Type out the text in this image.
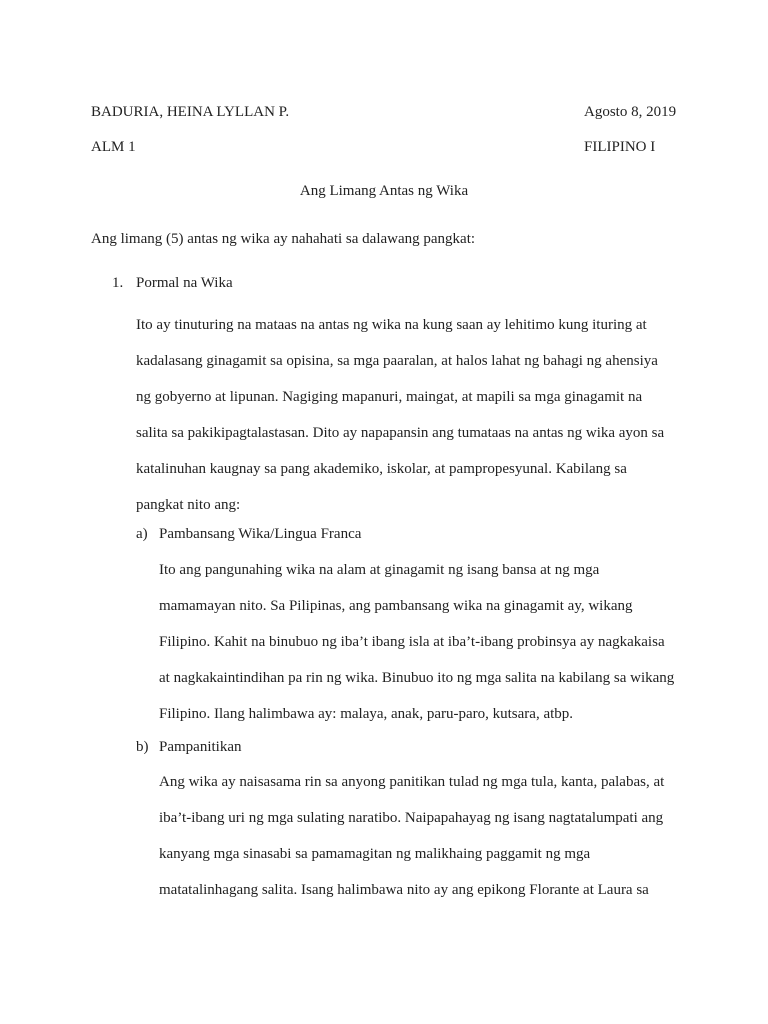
BADURIA, HEINA LYLLAN P.
ALM 1
Agosto 8, 2019
FILIPINO I
Ang Limang Antas ng Wika
Ang limang (5) antas ng wika ay nahahati sa dalawang pangkat:
1. Pormal na Wika
Ito ay tinuturing na mataas na antas ng wika na kung saan ay lehitimo kung ituring at
kadalasang ginagamit sa opisina, sa mga paaralan, at halos lahat ng bahagi ng ahensiya
ng gobyerno at lipunan. Nagiging mapanuri, maingat, at mapili sa mga ginagamit na
salita sa pakikipagtalastasan. Dito ay napapansin ang tumataas na antas ng wika ayon sa
katalinuhan kaugnay sa pang akademiko, iskolar, at pampropesyunal. Kabilang sa
pangkat nito ang:
a) Pambansang Wika/Lingua Franca
Ito ang pangunahing wika na alam at ginagamit ng isang bansa at ng mga
mamamayan nito. Sa Pilipinas, ang pambansang wika na ginagamit ay, wikang
Filipino. Kahit na binubuo ng iba’t ibang isla at iba’t-ibang probinsya ay nagkakaisa
at nagkakaintindihan pa rin ng wika. Binubuo ito ng mga salita na kabilang sa wikang
Filipino. Ilang halimbawa ay: malaya, anak, paru-paro, kutsara, atbp.
b) Pampanitikan
Ang wika ay naisasama rin sa anyong panitikan tulad ng mga tula, kanta, palabas, at
iba’t-ibang uri ng mga sulating naratibo. Naipapahayag ng isang nagtatalumpati ang
kanyang mga sinasabi sa pamamagitan ng malikhaing paggamit ng mga
matatalinhagang salita. Isang halimbawa nito ay ang epikong Florante at Laura sa
